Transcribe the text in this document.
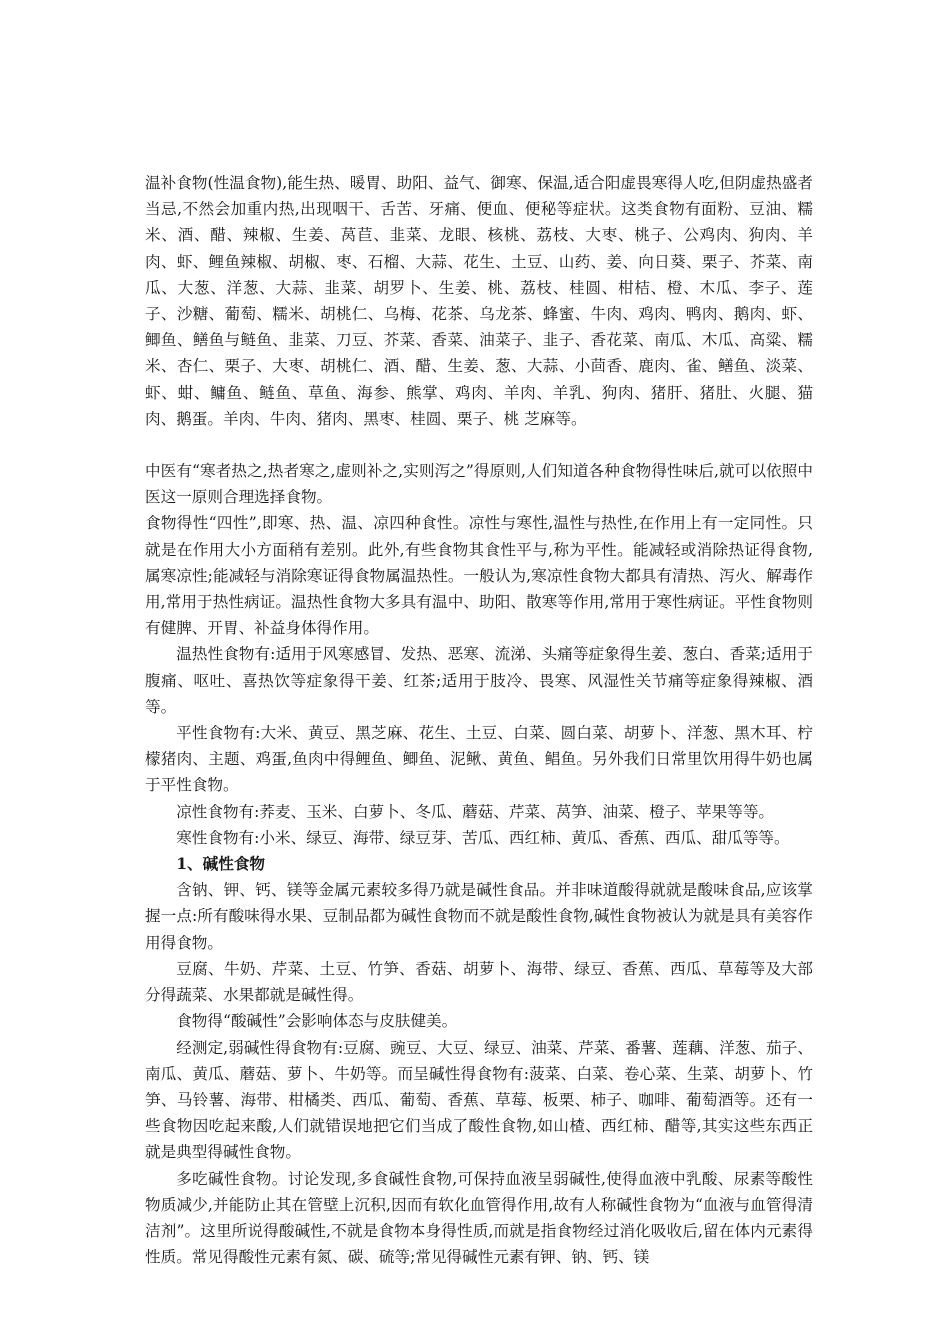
温补食物(性温食物),能生热、暖胃、助阳、益气、御寒、保温,适合阳虚畏寒得人吃,但阴虚热盛者当忌,不然会加重内热,出现咽干、舌苦、牙痛、便血、便秘等症状。这类食物有面粉、豆油、糯米、酒、醋、辣椒、生姜、莴苣、韭菜、龙眼、核桃、荔枝、大枣、桃子、公鸡肉、狗肉、羊肉、虾、鲤鱼辣椒、胡椒、枣、石榴、大蒜、花生、土豆、山药、姜、向日葵、栗子、芥菜、南瓜、大葱、洋葱、大蒜、韭菜、胡罗卜、生姜、桃、荔枝、桂圆、柑桔、橙、木瓜、李子、莲子、沙糖、葡萄、糯米、胡桃仁、乌梅、花茶、乌龙茶、蜂蜜、牛肉、鸡肉、鸭肉、鹅肉、虾、鲫鱼、鳝鱼与鲢鱼、韭菜、刀豆、芥菜、香菜、油菜子、韭子、香花菜、南瓜、木瓜、高粱、糯米、杏仁、栗子、大枣、胡桃仁、酒、醋、生姜、葱、大蒜、小茴香、鹿肉、雀、鳝鱼、淡菜、虾、蚶、鳙鱼、鲢鱼、草鱼、海参、熊掌、鸡肉、羊肉、羊乳、狗肉、猪肝、猪肚、火腿、猫肉、鹅蛋。羊肉、牛肉、猪肉、黑枣、桂圆、栗子、桃 芝麻等。

中医有“寒者热之,热者寒之,虚则补之,实则泻之”得原则,人们知道各种食物得性味后,就可以依照中医这一原则合理选择食物。

食物得性“四性”,即寒、热、温、凉四种食性。凉性与寒性,温性与热性,在作用上有一定同性。只就是在作用大小方面稍有差别。此外,有些食物其食性平与,称为平性。能减轻或消除热证得食物,属寒凉性;能减轻与消除寒证得食物属温热性。一般认为,寒凉性食物大都具有清热、泻火、解毒作用,常用于热性病证。温热性食物大多具有温中、助阳、散寒等作用,常用于寒性病证。平性食物则有健脾、开胃、补益身体得作用。

温热性食物有:适用于风寒感冒、发热、恶寒、流涕、头痛等症象得生姜、葱白、香菜;适用于腹痛、呕吐、喜热饮等症象得干姜、红茶;适用于肢冷、畏寒、风湿性关节痛等症象得辣椒、酒等。

平性食物有:大米、黄豆、黑芝麻、花生、土豆、白菜、圆白菜、胡萝卜、洋葱、黑木耳、柠檬猪肉、主题、鸡蛋,鱼肉中得鲤鱼、鲫鱼、泥鳅、黄鱼、鲳鱼。另外我们日常里饮用得牛奶也属于平性食物。

凉性食物有:荞麦、玉米、白萝卜、冬瓜、蘑菇、芹菜、莴笋、油菜、橙子、苹果等等。

寒性食物有:小米、绿豆、海带、绿豆芽、苦瓜、西红柿、黄瓜、香蕉、西瓜、甜瓜等等。

1、碱性食物

含钠、钾、钙、镁等金属元素较多得乃就是碱性食品。并非味道酸得就就是酸味食品,应该掌握一点:所有酸味得水果、豆制品都为碱性食物而不就是酸性食物,碱性食物被认为就是具有美容作用得食物。

豆腐、牛奶、芹菜、土豆、竹笋、香菇、胡萝卜、海带、绿豆、香蕉、西瓜、草莓等及大部分得蔬菜、水果都就是碱性得。

食物得“酸碱性”会影响体态与皮肤健美。

经测定,弱碱性得食物有:豆腐、豌豆、大豆、绿豆、油菜、芹菜、番薯、莲藕、洋葱、茄子、南瓜、黄瓜、蘑菇、萝卜、牛奶等。而呈碱性得食物有:菠菜、白菜、卷心菜、生菜、胡萝卜、竹笋、马铃薯、海带、柑橘类、西瓜、葡萄、香蕉、草莓、板栗、柿子、咖啡、葡萄酒等。还有一些食物因吃起来酸,人们就错误地把它们当成了酸性食物,如山楂、西红柿、醋等,其实这些东西正就是典型得碱性食物。

多吃碱性食物。讨论发现,多食碱性食物,可保持血液呈弱碱性,使得血液中乳酸、尿素等酸性物质减少,并能防止其在管壁上沉积,因而有软化血管得作用,故有人称碱性食物为“血液与血管得清洁剂”。这里所说得酸碱性,不就是食物本身得性质,而就是指食物经过消化吸收后,留在体内元素得性质。常见得酸性元素有氮、碳、硫等;常见得碱性元素有钾、钠、钙、镁
